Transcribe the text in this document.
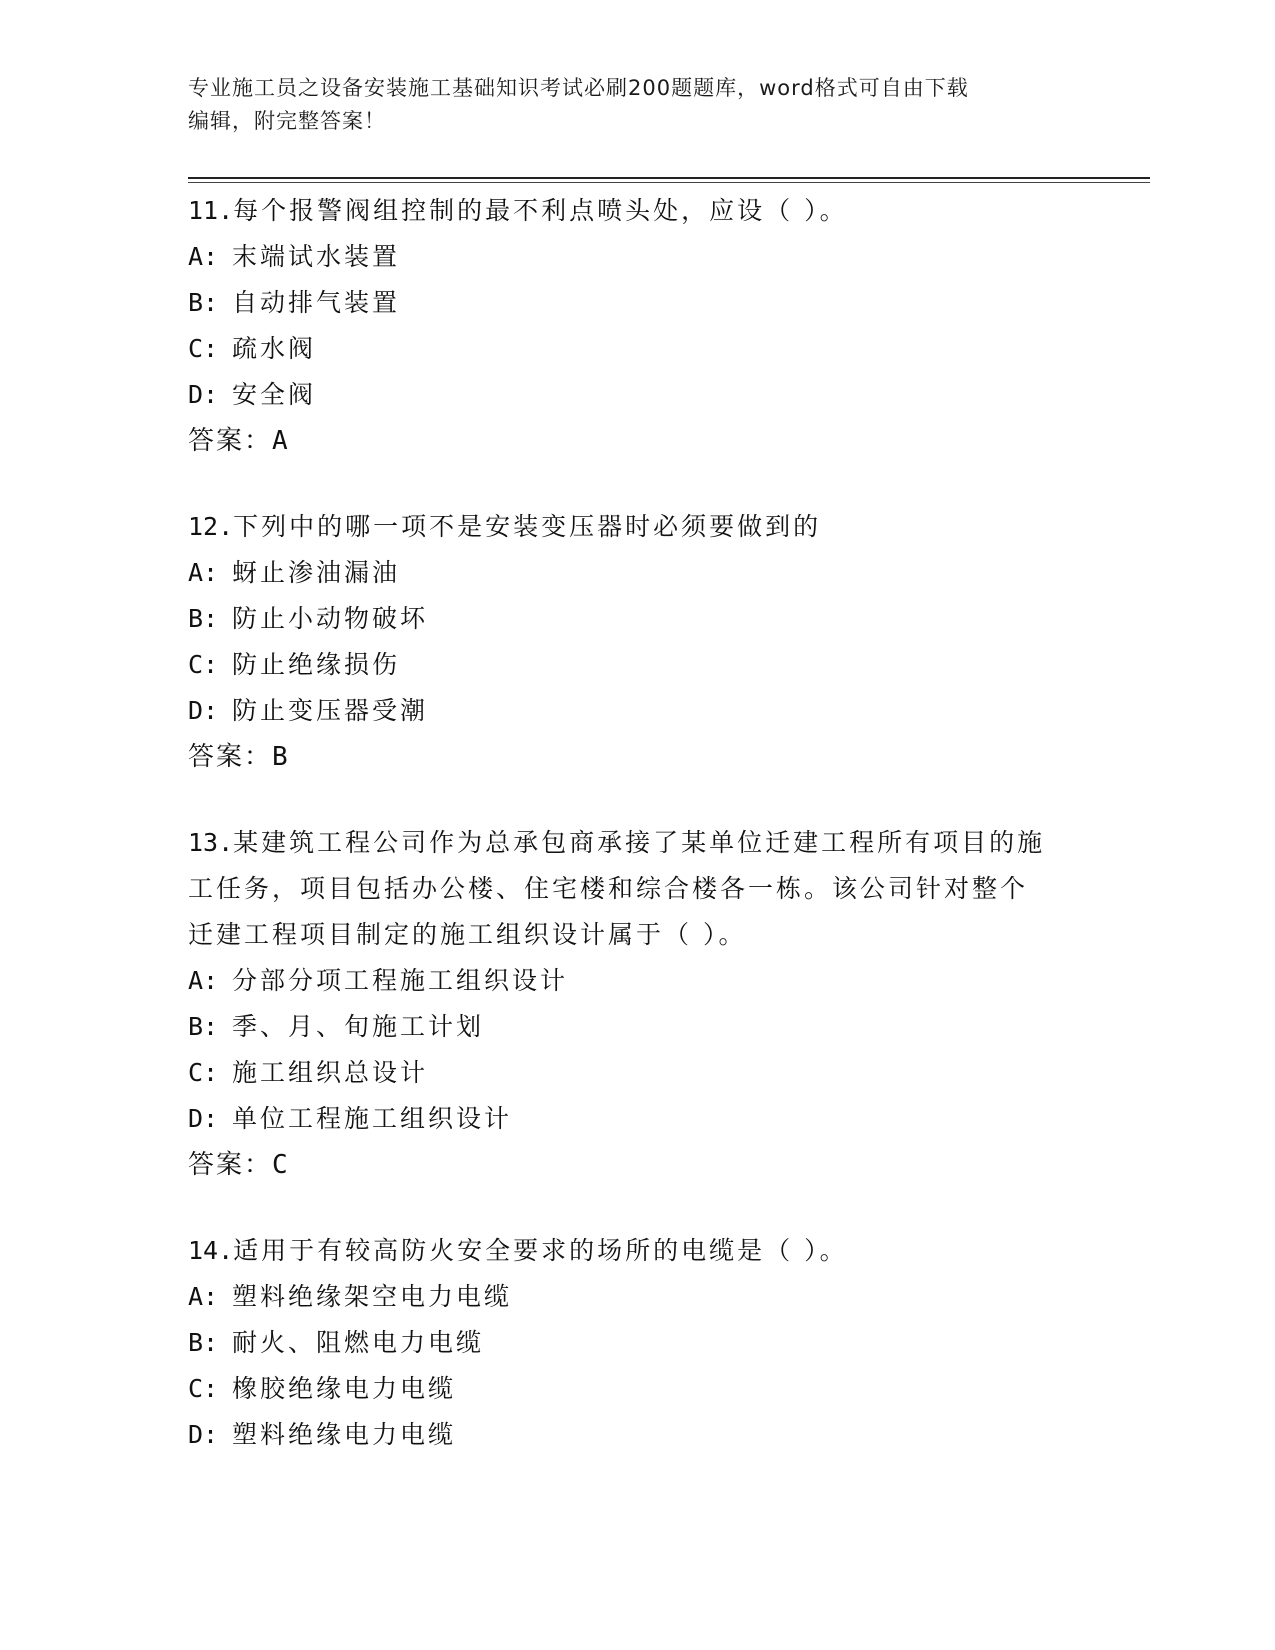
专业施工员之设备安装施工基础知识考试必刷200题题库，word格式可自由下载
编辑，附完整答案！

11.每个报警阀组控制的最不利点喷头处，应设（ ）。

A: 末端试水装置

B: 自动排气装置

C: 疏水阀

D: 安全阀

答案：A

12.下列中的哪一项不是安装变压器时必须要做到的

A: 蚜止渗油漏油

B: 防止小动物破坏

C: 防止绝缘损伤

D: 防止变压器受潮

答案：B

13.某建筑工程公司作为总承包商承接了某单位迁建工程所有项目的施

工任务，项目包括办公楼、住宅楼和综合楼各一栋。该公司针对整个

迁建工程项目制定的施工组织设计属于（ ）。

A: 分部分项工程施工组织设计

B: 季、月、旬施工计划

C: 施工组织总设计

D: 单位工程施工组织设计

答案：C

14.适用于有较高防火安全要求的场所的电缆是（ ）。

A: 塑料绝缘架空电力电缆

B: 耐火、阻燃电力电缆

C: 橡胶绝缘电力电缆

D: 塑料绝缘电力电缆
